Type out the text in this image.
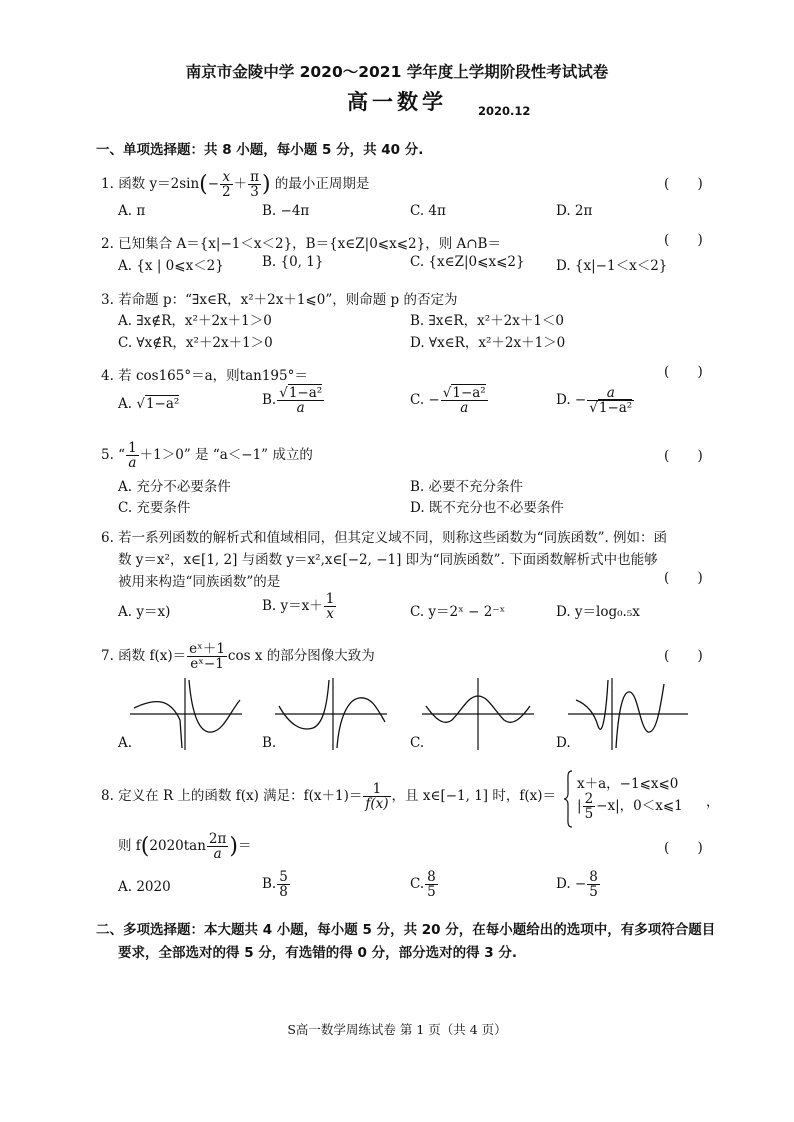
南京市金陵中学 2020～2021 学年度上学期阶段性考试试卷
高一数学	2020.12
一、单项选择题：共 8 小题，每小题 5 分，共 40 分.
1. 函数 $y=2\sin(- \frac{x}{2} + \frac{\pi}{3}$ ) 的最小正周期是	( )
A. π	B. −4π	C. 4π	D. 2π
2. 已知集合 A＝{x|−1＜x＜2}，B＝{x∈Z|0⩽x⩽2}，则 A∩B＝	( )
A. {x | 0⩽x＜2}	B. {0, 1}	C. {x∈Z|0⩽x⩽2} D. {x|−1＜x＜2}
3. 若命题 p：“∃x∈R，x²＋2x＋1⩽0”，则命题 p 的否定为
A. ∃x∉R，x²＋2x＋1＞0	B. ∃x∈R，x²＋2x＋1＜0
C. ∀x∉R，x²＋2x＋1＞0	D. ∀x∈R，x²＋2x＋1＞0
4. 若 cos165°＝a，则tan195°＝	( )
A. √1−a²	B. $\frac{\text{√1−a²}}{a}$	C. − $\frac{\text{√1−a²}}{a}$	D. − $\frac{a}{\text{√1−a²}}$
5. “ $\frac{1}{a} +1>0$” 是 “a＜−1” 成立的	( )
A. 充分不必要条件	B. 必要不充分条件
C. 充要条件	D. 既不充分也不必要条件
6. 若一系列函数的解析式和值域相同，但其定义域不同，则称这些函数为“同族函数”. 例如：函
数 y＝x²，x∈[1, 2] 与函数 y＝x²,x∈[−2, −1] 即为“同族函数”. 下面函数解析式中也能够
被用来构造“同族函数”的是	( )
A. y＝x)	B. $y=x+ \frac{1}{x}$	C. y＝2ˣ − 2⁻ˣ	D. y＝log₀.₅x
7. 函数 $f(x)= \frac{\text{eˣ＋1}}{\text{eˣ−1}}$ cos x 的部分图像大致为	( )
A.	B.	C.	D.
8. 定义在 R 上的函数 f(x) 满足：$f(x+1)= \frac{1}{f(x)}$ ，且 x∈[−1, 1] 时，f(x)＝
x＋a，−1⩽x⩽0
| $\frac{2}{5} -x|$，0＜x⩽1 ，
则 $f(2020\tan \frac{2\pi}{a}$ )＝	( )
A. 2020	B. $\frac{5}{8}$	C. $\frac{8}{5}$	D. − $\frac{8}{5}$
二、多项选择题：本大题共 4 小题，每小题 5 分，共 20 分，在每小题给出的选项中，有多项符合题目
要求，全部选对的得 5 分，有选错的得 0 分，部分选对的得 3 分.
S高一数学周练试卷 第 1 页（共 4 页）
